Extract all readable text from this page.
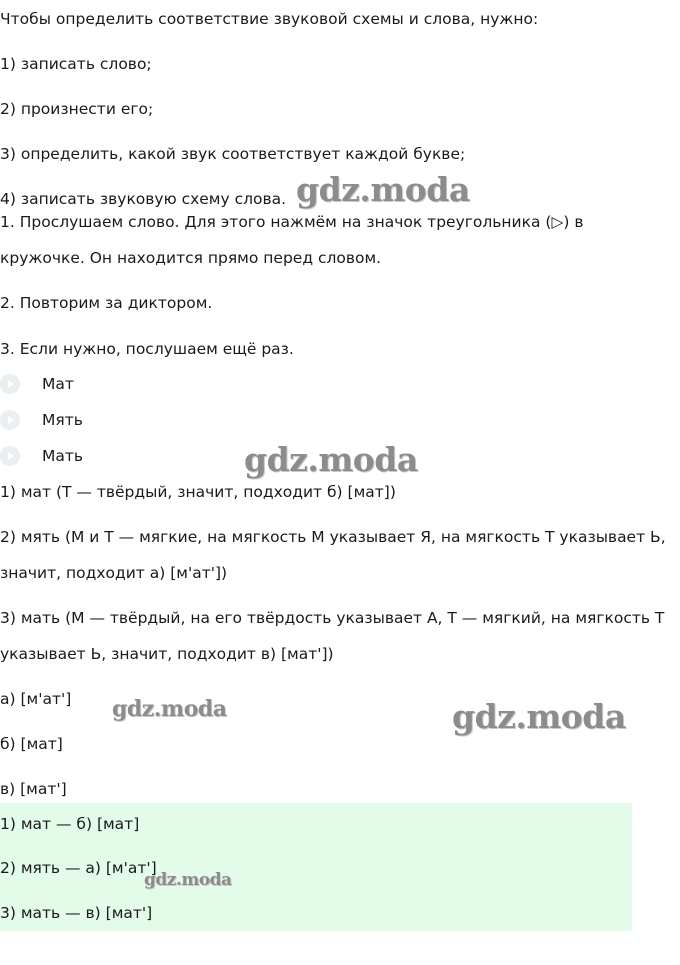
Чтобы определить соответствие звуковой схемы и слова, нужно:
1) записать слово;
2) произнести его;
3) определить, какой звук соответствует каждой букве;
4) записать звуковую схему слова.
1. Прослушаем слово. Для этого нажмём на значок треугольника (▷) в
кружочке. Он находится прямо перед словом.
2. Повторим за диктором.
3. Если нужно, послушаем ещё раз.
Мат
Мять
Мать
1) мат (Т — твёрдый, значит, подходит б) [мат])
2) мять (М и Т — мягкие, на мягкость М указывает Я, на мягкость Т указывает Ь,
значит, подходит а) [м'ат'])
3) мать (М — твёрдый, на его твёрдость указывает А, Т — мягкий, на мягкость Т
указывает Ь, значит, подходит в) [мат'])
а) [м'ат']
б) [мат]
в) [мат']
1) мат — б) [мат]
2) мять — а) [м'ат']
3) мать — в) [мат']
gdz.moda
gdz.moda
gdz.moda	gdz.moda
gdz.moda
